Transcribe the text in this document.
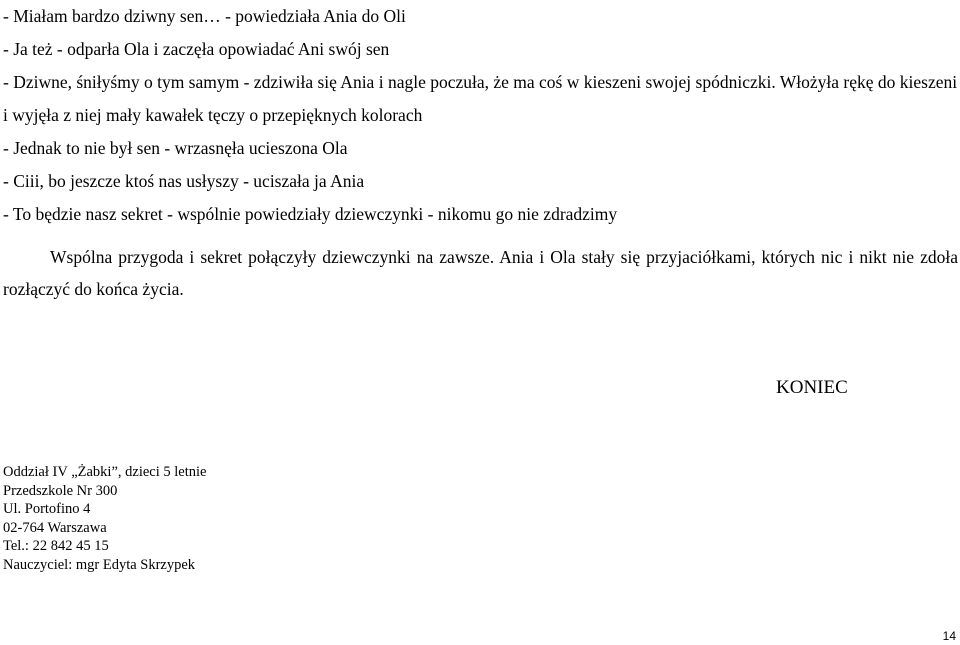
- Miałam bardzo dziwny sen… - powiedziała Ania do Oli

- Ja też - odparła Ola i zaczęła opowiadać Ani swój sen

- Dziwne, śniłyśmy o tym samym - zdziwiła się Ania i nagle poczuła, że ma coś w kieszeni swojej spódniczki. Włożyła rękę do kieszeni i wyjęła z niej mały kawałek tęczy o przepięknych kolorach

- Jednak to nie był sen - wrzasnęła ucieszona Ola

- Ciii, bo jeszcze ktoś nas usłyszy - uciszała ja Ania

- To będzie nasz sekret - wspólnie powiedziały dziewczynki - nikomu go nie zdradzimy

Wspólna przygoda i sekret połączyły dziewczynki na zawsze. Ania i Ola stały się przyjaciółkami, których nic i nikt nie zdoła rozłączyć do końca życia.

KONIEC

Oddział IV „Żabki”, dzieci 5 letnie
Przedszkole Nr 300
Ul. Portofino 4
02-764 Warszawa
Tel.: 22 842 45 15
Nauczyciel: mgr Edyta Skrzypek

14
